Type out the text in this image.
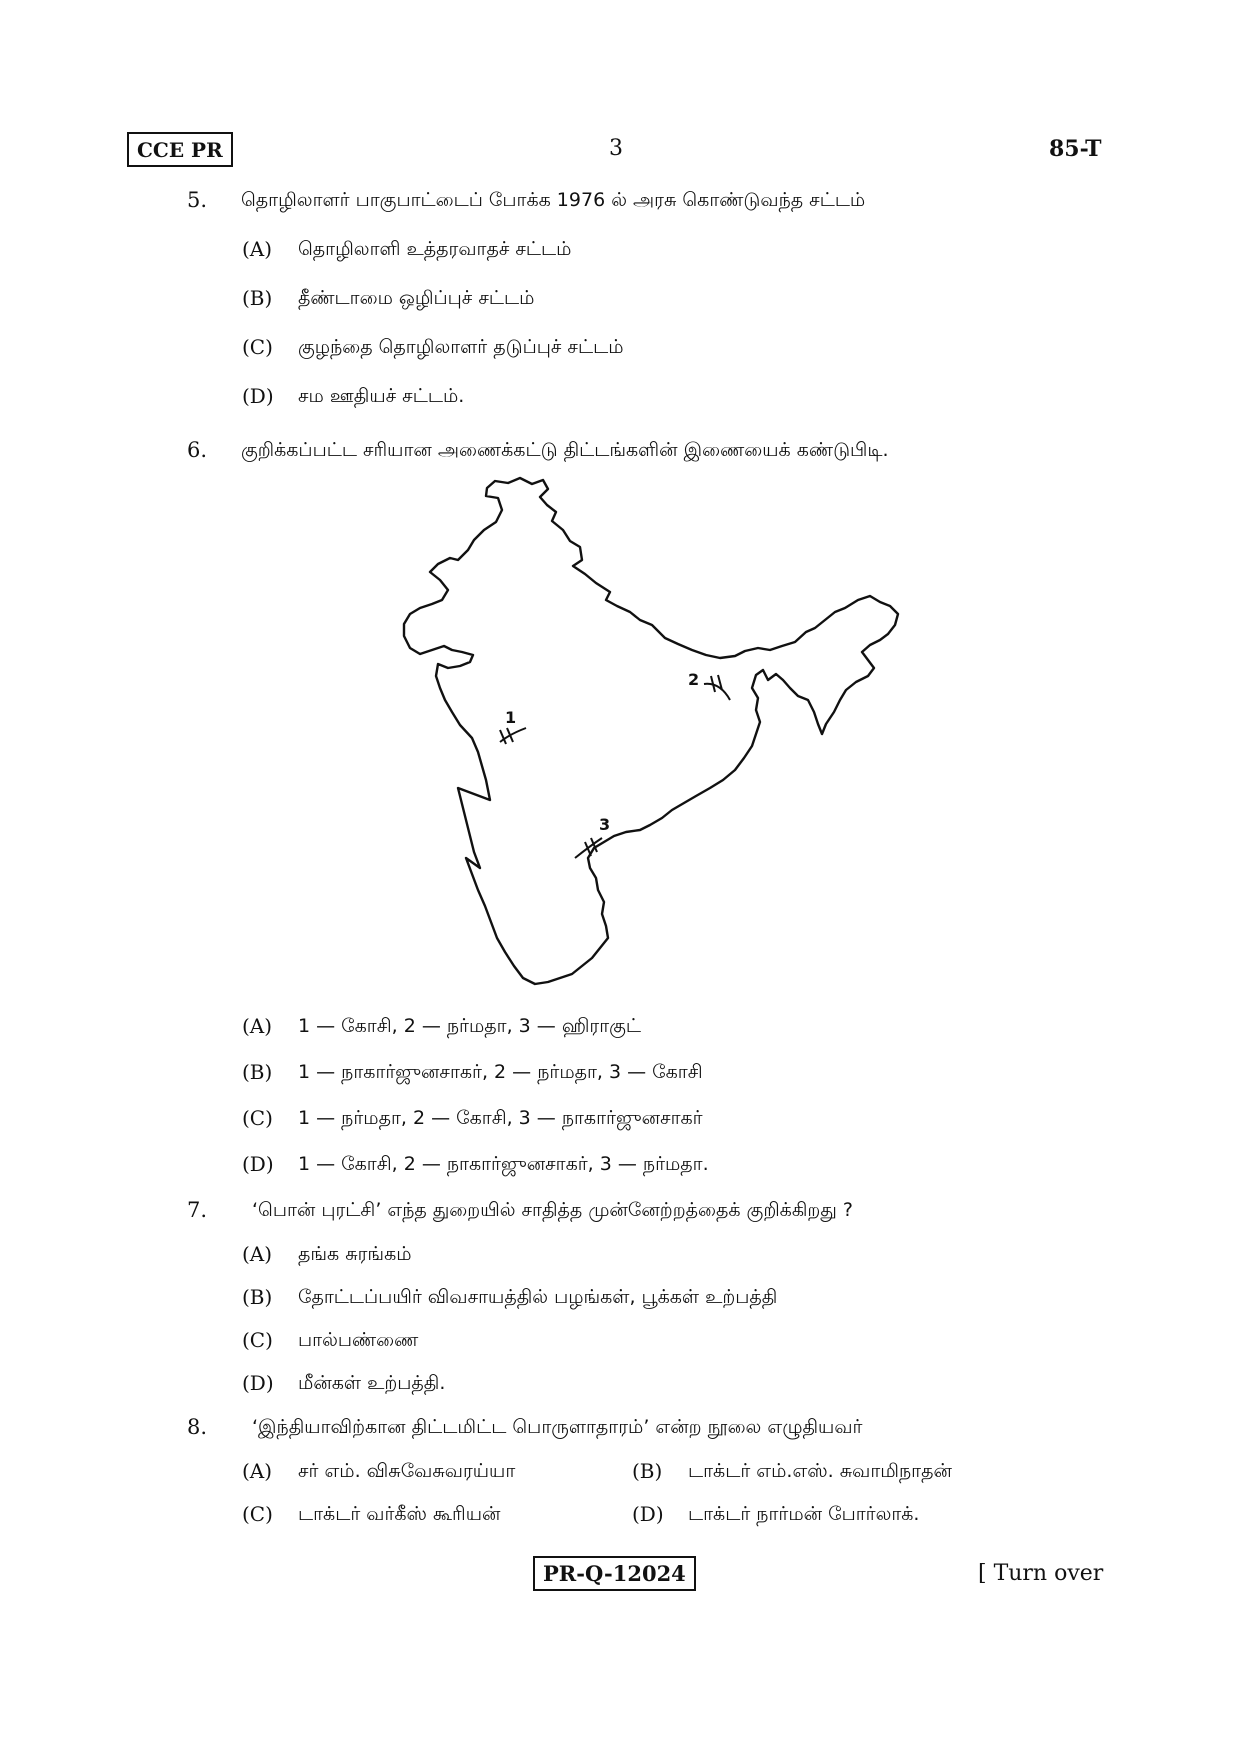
CCE PR	3	85-T
5. தொழிலாளர் பாகுபாட்டைப் போக்க 1976 ல் அரசு கொண்டுவந்த சட்டம்
(A) தொழிலாளி உத்தரவாதச் சட்டம்
(B) தீண்டாமை ஒழிப்புச் சட்டம்
(C) குழந்தை தொழிலாளர் தடுப்புச் சட்டம்
(D) சம ஊதியச் சட்டம்.
6. குறிக்கப்பட்ட சரியான அணைக்கட்டு திட்டங்களின் இணையைக் கண்டுபிடி.
1
2
3
(A) 1 — கோசி, 2 — நர்மதா, 3 — ஹிராகுட்
(B) 1 — நாகார்ஜுனசாகர், 2 — நர்மதா, 3 — கோசி
(C) 1 — நர்மதா, 2 — கோசி, 3 — நாகார்ஜுனசாகர்
(D) 1 — கோசி, 2 — நாகார்ஜுனசாகர், 3 — நர்மதா.
7. ‘பொன் புரட்சி’ எந்த துறையில் சாதித்த முன்னேற்றத்தைக் குறிக்கிறது ?
(A) தங்க சுரங்கம்
(B) தோட்டப்பயிர் விவசாயத்தில் பழங்கள், பூக்கள் உற்பத்தி
(C) பால்பண்ணை
(D) மீன்கள் உற்பத்தி.
8. ‘இந்தியாவிற்கான திட்டமிட்ட பொருளாதாரம்’ என்ற நூலை எழுதியவர்
(A) சர் எம். விசுவேசுவரய்யா	(B) டாக்டர் எம்.எஸ். சுவாமிநாதன்
(C) டாக்டர் வர்கீஸ் கூரியன்	(D) டாக்டர் நார்மன் போர்லாக்.
PR-Q-12024	[ Turn over
